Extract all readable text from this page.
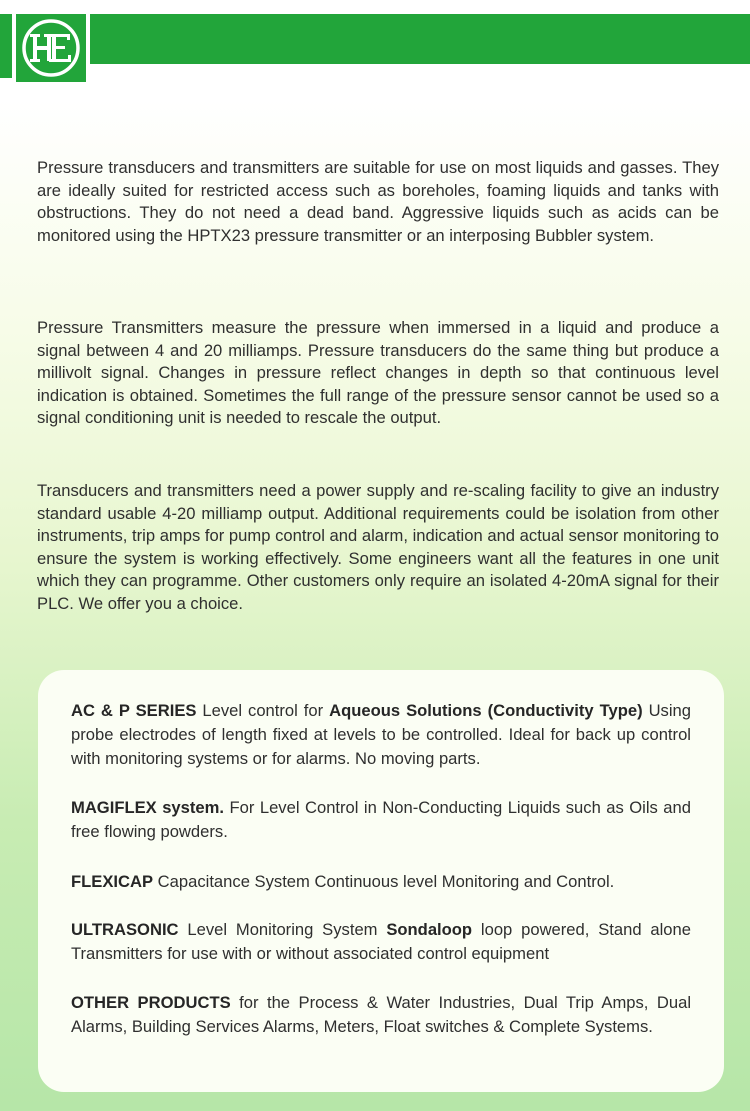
Pressure transducers and transmitters are suitable for use on most liquids and gasses. They are ideally suited for restricted access such as boreholes, foaming liquids and tanks with obstructions. They do not need a dead band. Aggressive liquids such as acids can be monitored using the HPTX23 pressure transmitter or an interposing Bubbler system.

Pressure Transmitters measure the pressure when immersed in a liquid and produce a signal between 4 and 20 milliamps. Pressure transducers do the same thing but produce a millivolt signal. Changes in pressure reflect changes in depth so that continuous level indication is obtained. Sometimes the full range of the pressure sensor cannot be used so a signal conditioning unit is needed to rescale the output.

Transducers and transmitters need a power supply and re-scaling facility to give an industry standard usable 4-20 milliamp output. Additional requirements could be isolation from other instruments, trip amps for pump control and alarm, indication and actual sensor monitoring to ensure the system is working effectively. Some engineers want all the features in one unit which they can programme. Other customers only require an isolated 4-20mA signal for their PLC. We offer you a choice.

AC & P SERIES Level control for Aqueous Solutions (Conductivity Type) Using probe electrodes of length fixed at levels to be controlled. Ideal for back up control with monitoring systems or for alarms. No moving parts.

MAGIFLEX system. For Level Control in Non-Conducting Liquids such as Oils and free flowing powders.

FLEXICAP Capacitance System Continuous level Monitoring and Control.

ULTRASONIC Level Monitoring System Sondaloop loop powered, Stand alone Transmitters for use with or without associated control equipment

OTHER PRODUCTS for the Process & Water Industries, Dual Trip Amps, Dual Alarms, Building Services Alarms, Meters, Float switches & Complete Systems.
